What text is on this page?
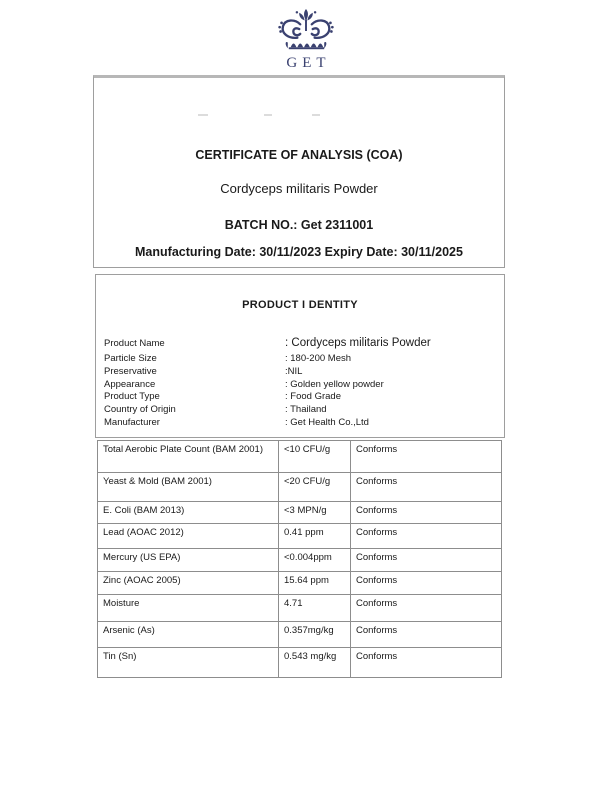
GET
CERTIFICATE OF ANALYSIS (COA)
Cordyceps militaris Powder
BATCH NO.: Get 2311001
Manufacturing Date: 30/11/2023 Expiry Date: 30/11/2025
PRODUCT I DENTITY
Product Name	: Cordyceps militaris Powder
Particle Size	: 180-200 Mesh
Preservative	:NIL
Appearance	: Golden yellow powder
Product Type	: Food Grade
Country of Origin	: Thailand
Manufacturer	: Get Health Co.,Ltd
Total Aerobic Plate Count (BAM 2001)	<10 CFU/g	Conforms
Yeast & Mold (BAM 2001)	<20 CFU/g	Conforms
E. Coli (BAM 2013)	<3 MPN/g	Conforms
Lead (AOAC 2012)	0.41 ppm	Conforms
Mercury (US EPA)	<0.004ppm	Conforms
Zinc (AOAC 2005)	15.64 ppm	Conforms
Moisture	4.71	Conforms
Arsenic (As)	0.357mg/kg	Conforms
Tin (Sn)	0.543 mg/kg	Conforms
